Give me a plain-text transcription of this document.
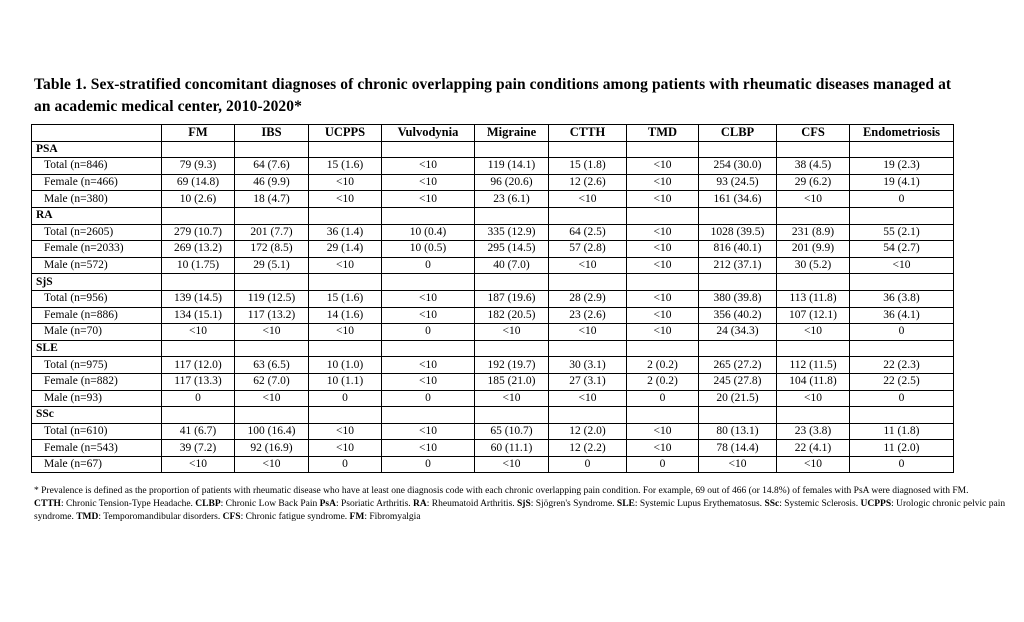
Table 1. Sex-stratified concomitant diagnoses of chronic overlapping pain conditions among patients with rheumatic diseases managed at
an academic medical center, 2010-2020*
	FM	IBS	UCPPS	Vulvodynia	Migraine	CTTH	TMD	CLBP	CFS	Endometriosis
PSA										
Total (n=846)	79 (9.3)	64 (7.6)	15 (1.6)	<10	119 (14.1)	15 (1.8)	<10	254 (30.0)	38 (4.5)	19 (2.3)
Female (n=466)	69 (14.8)	46 (9.9)	<10	<10	96 (20.6)	12 (2.6)	<10	93 (24.5)	29 (6.2)	19 (4.1)
Male (n=380)	10 (2.6)	18 (4.7)	<10	<10	23 (6.1)	<10	<10	161 (34.6)	<10	0
RA										
Total (n=2605)	279 (10.7)	201 (7.7)	36 (1.4)	10 (0.4)	335 (12.9)	64 (2.5)	<10	1028 (39.5)	231 (8.9)	55 (2.1)
Female (n=2033)	269 (13.2)	172 (8.5)	29 (1.4)	10 (0.5)	295 (14.5)	57 (2.8)	<10	816 (40.1)	201 (9.9)	54 (2.7)
Male (n=572)	10 (1.75)	29 (5.1)	<10	0	40 (7.0)	<10	<10	212 (37.1)	30 (5.2)	<10
SjS										
Total (n=956)	139 (14.5)	119 (12.5)	15 (1.6)	<10	187 (19.6)	28 (2.9)	<10	380 (39.8)	113 (11.8)	36 (3.8)
Female (n=886)	134 (15.1)	117 (13.2)	14 (1.6)	<10	182 (20.5)	23 (2.6)	<10	356 (40.2)	107 (12.1)	36 (4.1)
Male (n=70)	<10	<10	<10	0	<10	<10	<10	24 (34.3)	<10	0
SLE										
Total (n=975)	117 (12.0)	63 (6.5)	10 (1.0)	<10	192 (19.7)	30 (3.1)	2 (0.2)	265 (27.2)	112 (11.5)	22 (2.3)
Female (n=882)	117 (13.3)	62 (7.0)	10 (1.1)	<10	185 (21.0)	27 (3.1)	2 (0.2)	245 (27.8)	104 (11.8)	22 (2.5)
Male (n=93)	0	<10	0	0	<10	<10	0	20 (21.5)	<10	0
SSc										
Total (n=610)	41 (6.7)	100 (16.4)	<10	<10	65 (10.7)	12 (2.0)	<10	80 (13.1)	23 (3.8)	11 (1.8)
Female (n=543)	39 (7.2)	92 (16.9)	<10	<10	60 (11.1)	12 (2.2)	<10	78 (14.4)	22 (4.1)	11 (2.0)
Male (n=67)	<10	<10	0	0	<10	0	0	<10	<10	0
* Prevalence is defined as the proportion of patients with rheumatic disease who have at least one diagnosis code with each chronic overlapping pain condition. For example, 69 out of 466 (or 14.8%) of females with PsA were diagnosed with FM.
CTTH: Chronic Tension-Type Headache. CLBP: Chronic Low Back Pain PsA: Psoriatic Arthritis. RA: Rheumatoid Arthritis. SjS: Sjögren's Syndrome. SLE: Systemic Lupus Erythematosus. SSc: Systemic Sclerosis. UCPPS: Urologic chronic pelvic pain syndrome. TMD: Temporomandibular disorders. CFS: Chronic fatigue syndrome. FM: Fibromyalgia
